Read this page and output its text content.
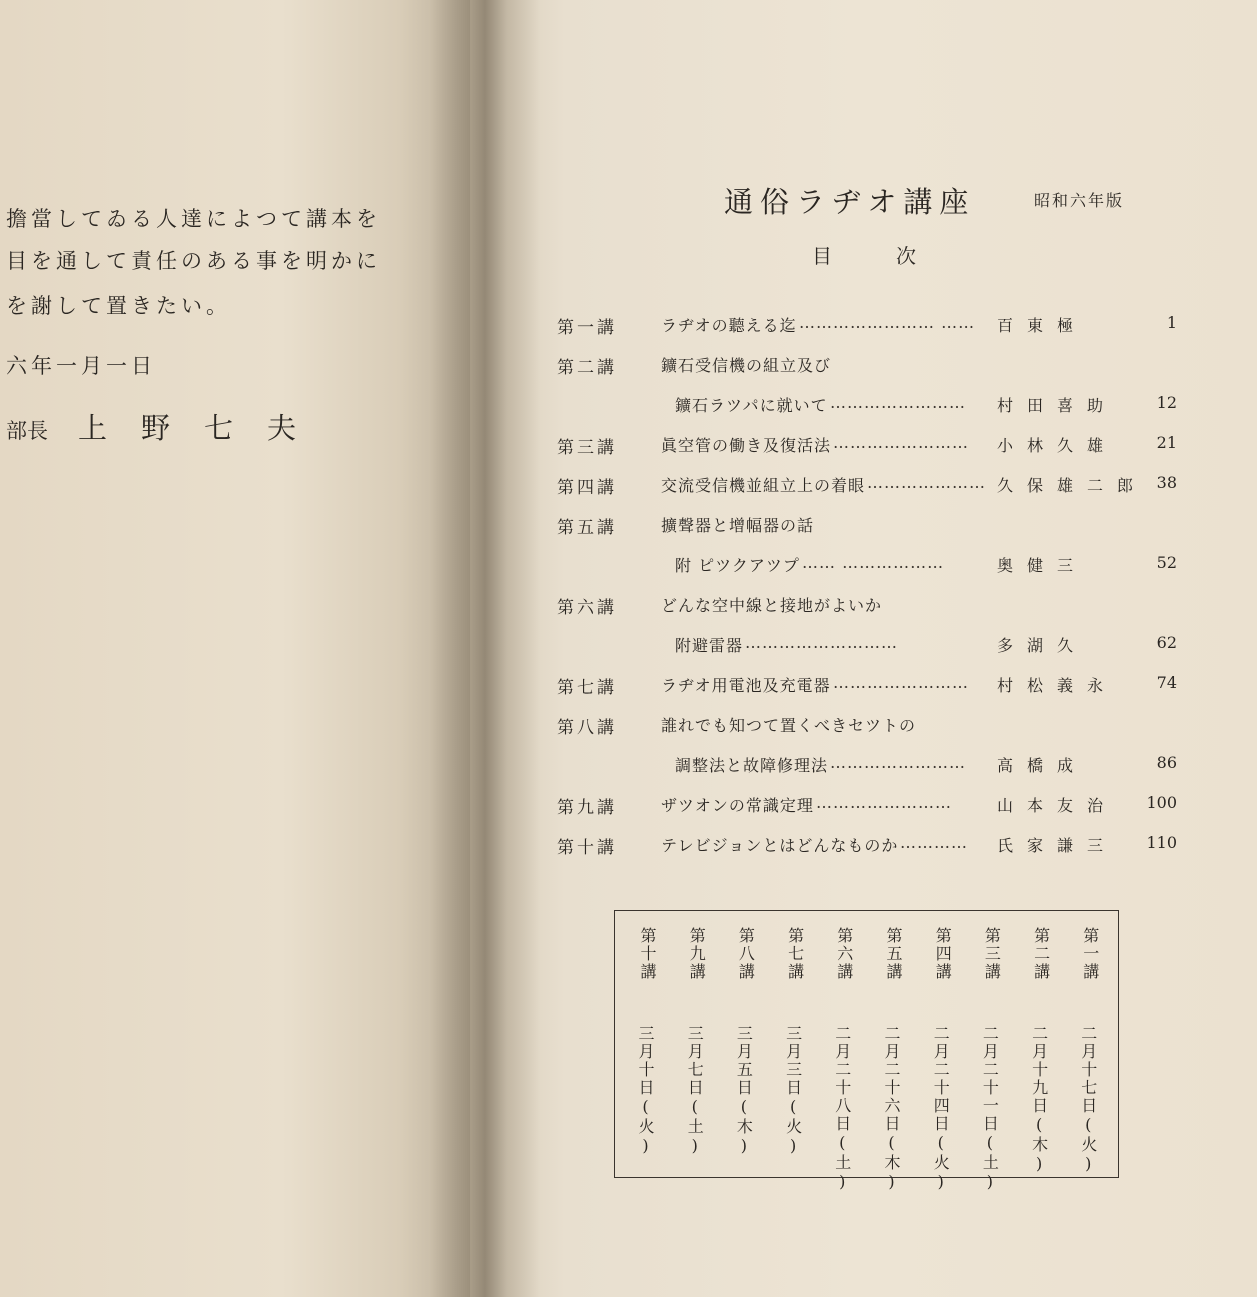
擔當してゐる人達によつて講本を
目を通して責任のある事を明かに
を謝して置きたい。
六年一月一日
部長 上野七夫
通俗ラヂオ講座	昭和六年版
目次
第一講	ラヂオの聽える迄 …………………… …… 百東極	1
第二講	鑛石受信機の組立及び
鑛石ラツパに就いて …………………… 村田喜助 12
第三講	眞空管の働き及復活法 …………………… 小林久雄 21
第四講	交流受信機並組立上の着眼 ………………… 久保雄二郎 38
第五講	擴聲器と增幅器の話
附 ピツクアツプ …… ………………	奥健三	52
第六講	どんな空中線と接地がよいか
附避雷器 ………………………	多湖久	62
第七講	ラヂオ用電池及充電器 …………………… 村松義永 74
第八講	誰れでも知つて置くべきセツトの
調整法と故障修理法 …………………… 高橋成	86
第九講	ザツオンの常識定理 ……………………	山本友治 100
第十講	テレビジョンとはどんなものか ………… 氏家謙三 110
第十講
三月十日(火)
第九講
三月七日(土)
第八講
三月五日(木)
第七講
三月三日(火)
第六講
二月二十八日(土)
第五講
二月二十六日(木)
第四講
二月二十四日(火)
第三講
二月二十一日(土)
第二講
二月十九日(木)
第一講
二月十七日(火)
